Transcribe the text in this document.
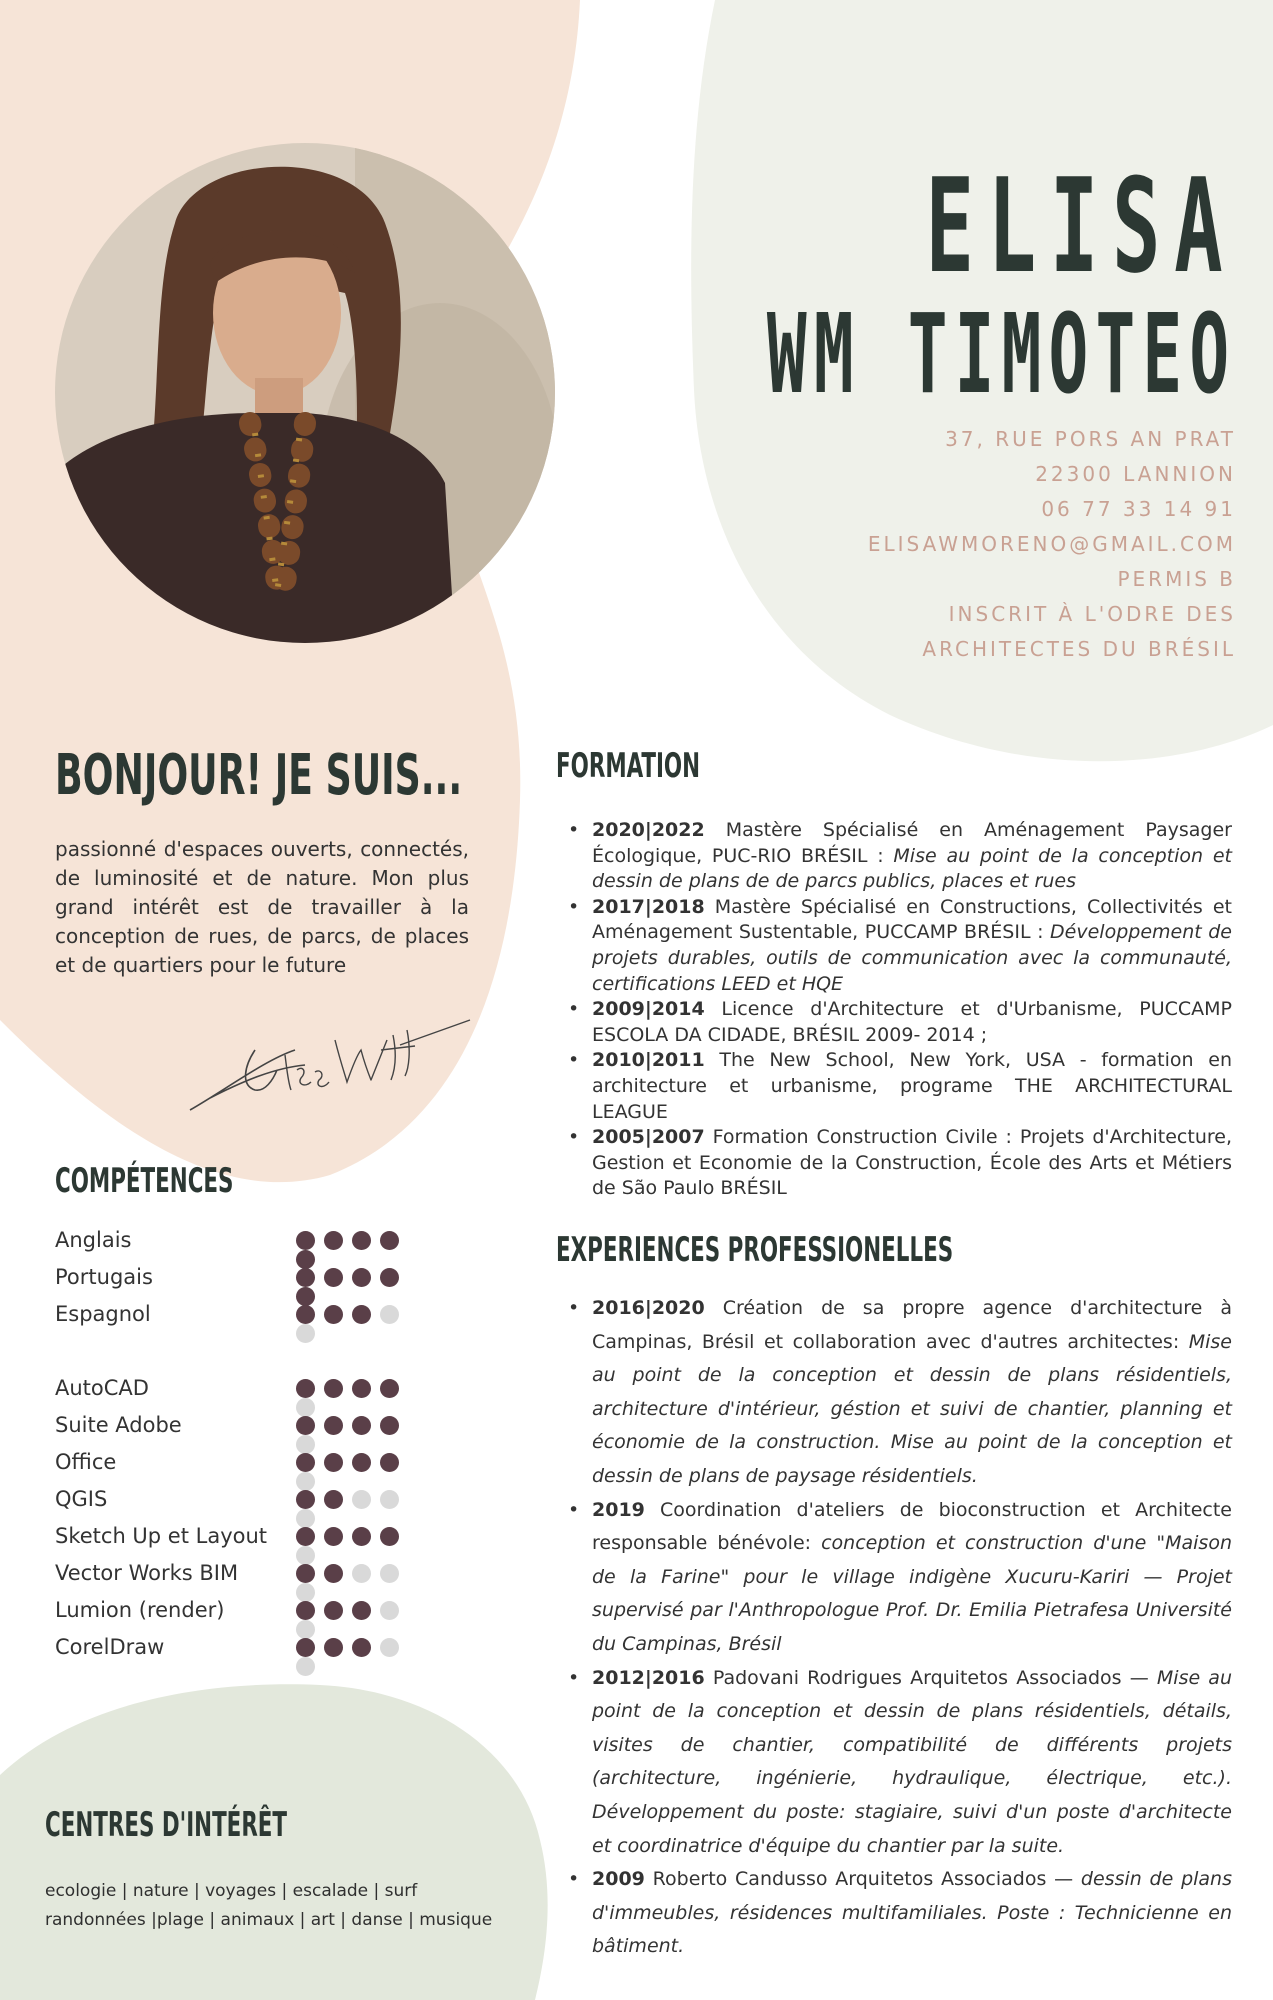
ELISA
WM TIMOTEO
37, RUE PORS AN PRAT
22300 LANNION
06 77 33 14 91
ELISAWMORENO@GMAIL.COM
PERMIS B
INSCRIT À L'ODRE DES
ARCHITECTES DU BRÉSIL
BONJOUR! JE SUIS...

passionné d'espaces ouverts, connectés, de luminosité et de nature. Mon plus grand intérêt est de travailler à la conception de rues, de parcs, de places et de quartiers pour le future

COMPÉTENCES
Anglais
Portugais
Espagnol
AutoCAD
Suite Adobe
Office
QGIS
Sketch Up et Layout
Vector Works BIM
Lumion (render)
CorelDraw
CENTRES D'INTÉRÊT
ecologie | nature | voyages | escalade | surf
randonnées |plage | animaux | art | danse | musique
FORMATION
• 2020|2022 Mastère Spécialisé en Aménagement Paysager Écologique, PUC-RIO BRÉSIL : Mise au point de la conception et dessin de plans de de parcs publics, places et rues
• 2017|2018 Mastère Spécialisé en Constructions, Collectivités et Aménagement Sustentable, PUCCAMP BRÉSIL : Développement de projets durables, outils de communication avec la communauté, certifications LEED et HQE
• 2009|2014 Licence d'Architecture et d'Urbanisme, PUCCAMP ESCOLA DA CIDADE, BRÉSIL 2009- 2014 ;
• 2010|2011 The New School, New York, USA - formation en architecture et urbanisme, programe THE ARCHITECTURAL LEAGUE
• 2005|2007 Formation Construction Civile : Projets d'Architecture, Gestion et Economie de la Construction, École des Arts et Métiers de São Paulo BRÉSIL
EXPERIENCES PROFESSIONELLES
• 2016|2020 Création de sa propre agence d'architecture à Campinas, Brésil et collaboration avec d'autres architectes: Mise au point de la conception et dessin de plans résidentiels, architecture d'intérieur, géstion et suivi de chantier, planning et économie de la construction. Mise au point de la conception et dessin de plans de paysage résidentiels.
• 2019 Coordination d'ateliers de bioconstruction et Architecte responsable bénévole: conception et construction d'une "Maison de la Farine" pour le village indigène Xucuru-Kariri — Projet supervisé par l'Anthropologue Prof. Dr. Emilia Pietrafesa Université du Campinas, Brésil
• 2012|2016 Padovani Rodrigues Arquitetos Associados — Mise au point de la conception et dessin de plans résidentiels, détails, visites de chantier, compatibilité de différents projets (architecture, ingénierie, hydraulique, électrique, etc.). Développement du poste: stagiaire, suivi d'un poste d'architecte et coordinatrice d'équipe du chantier par la suite.
• 2009 Roberto Candusso Arquitetos Associados — dessin de plans d'immeubles, résidences multifamiliales. Poste : Technicienne en bâtiment.
